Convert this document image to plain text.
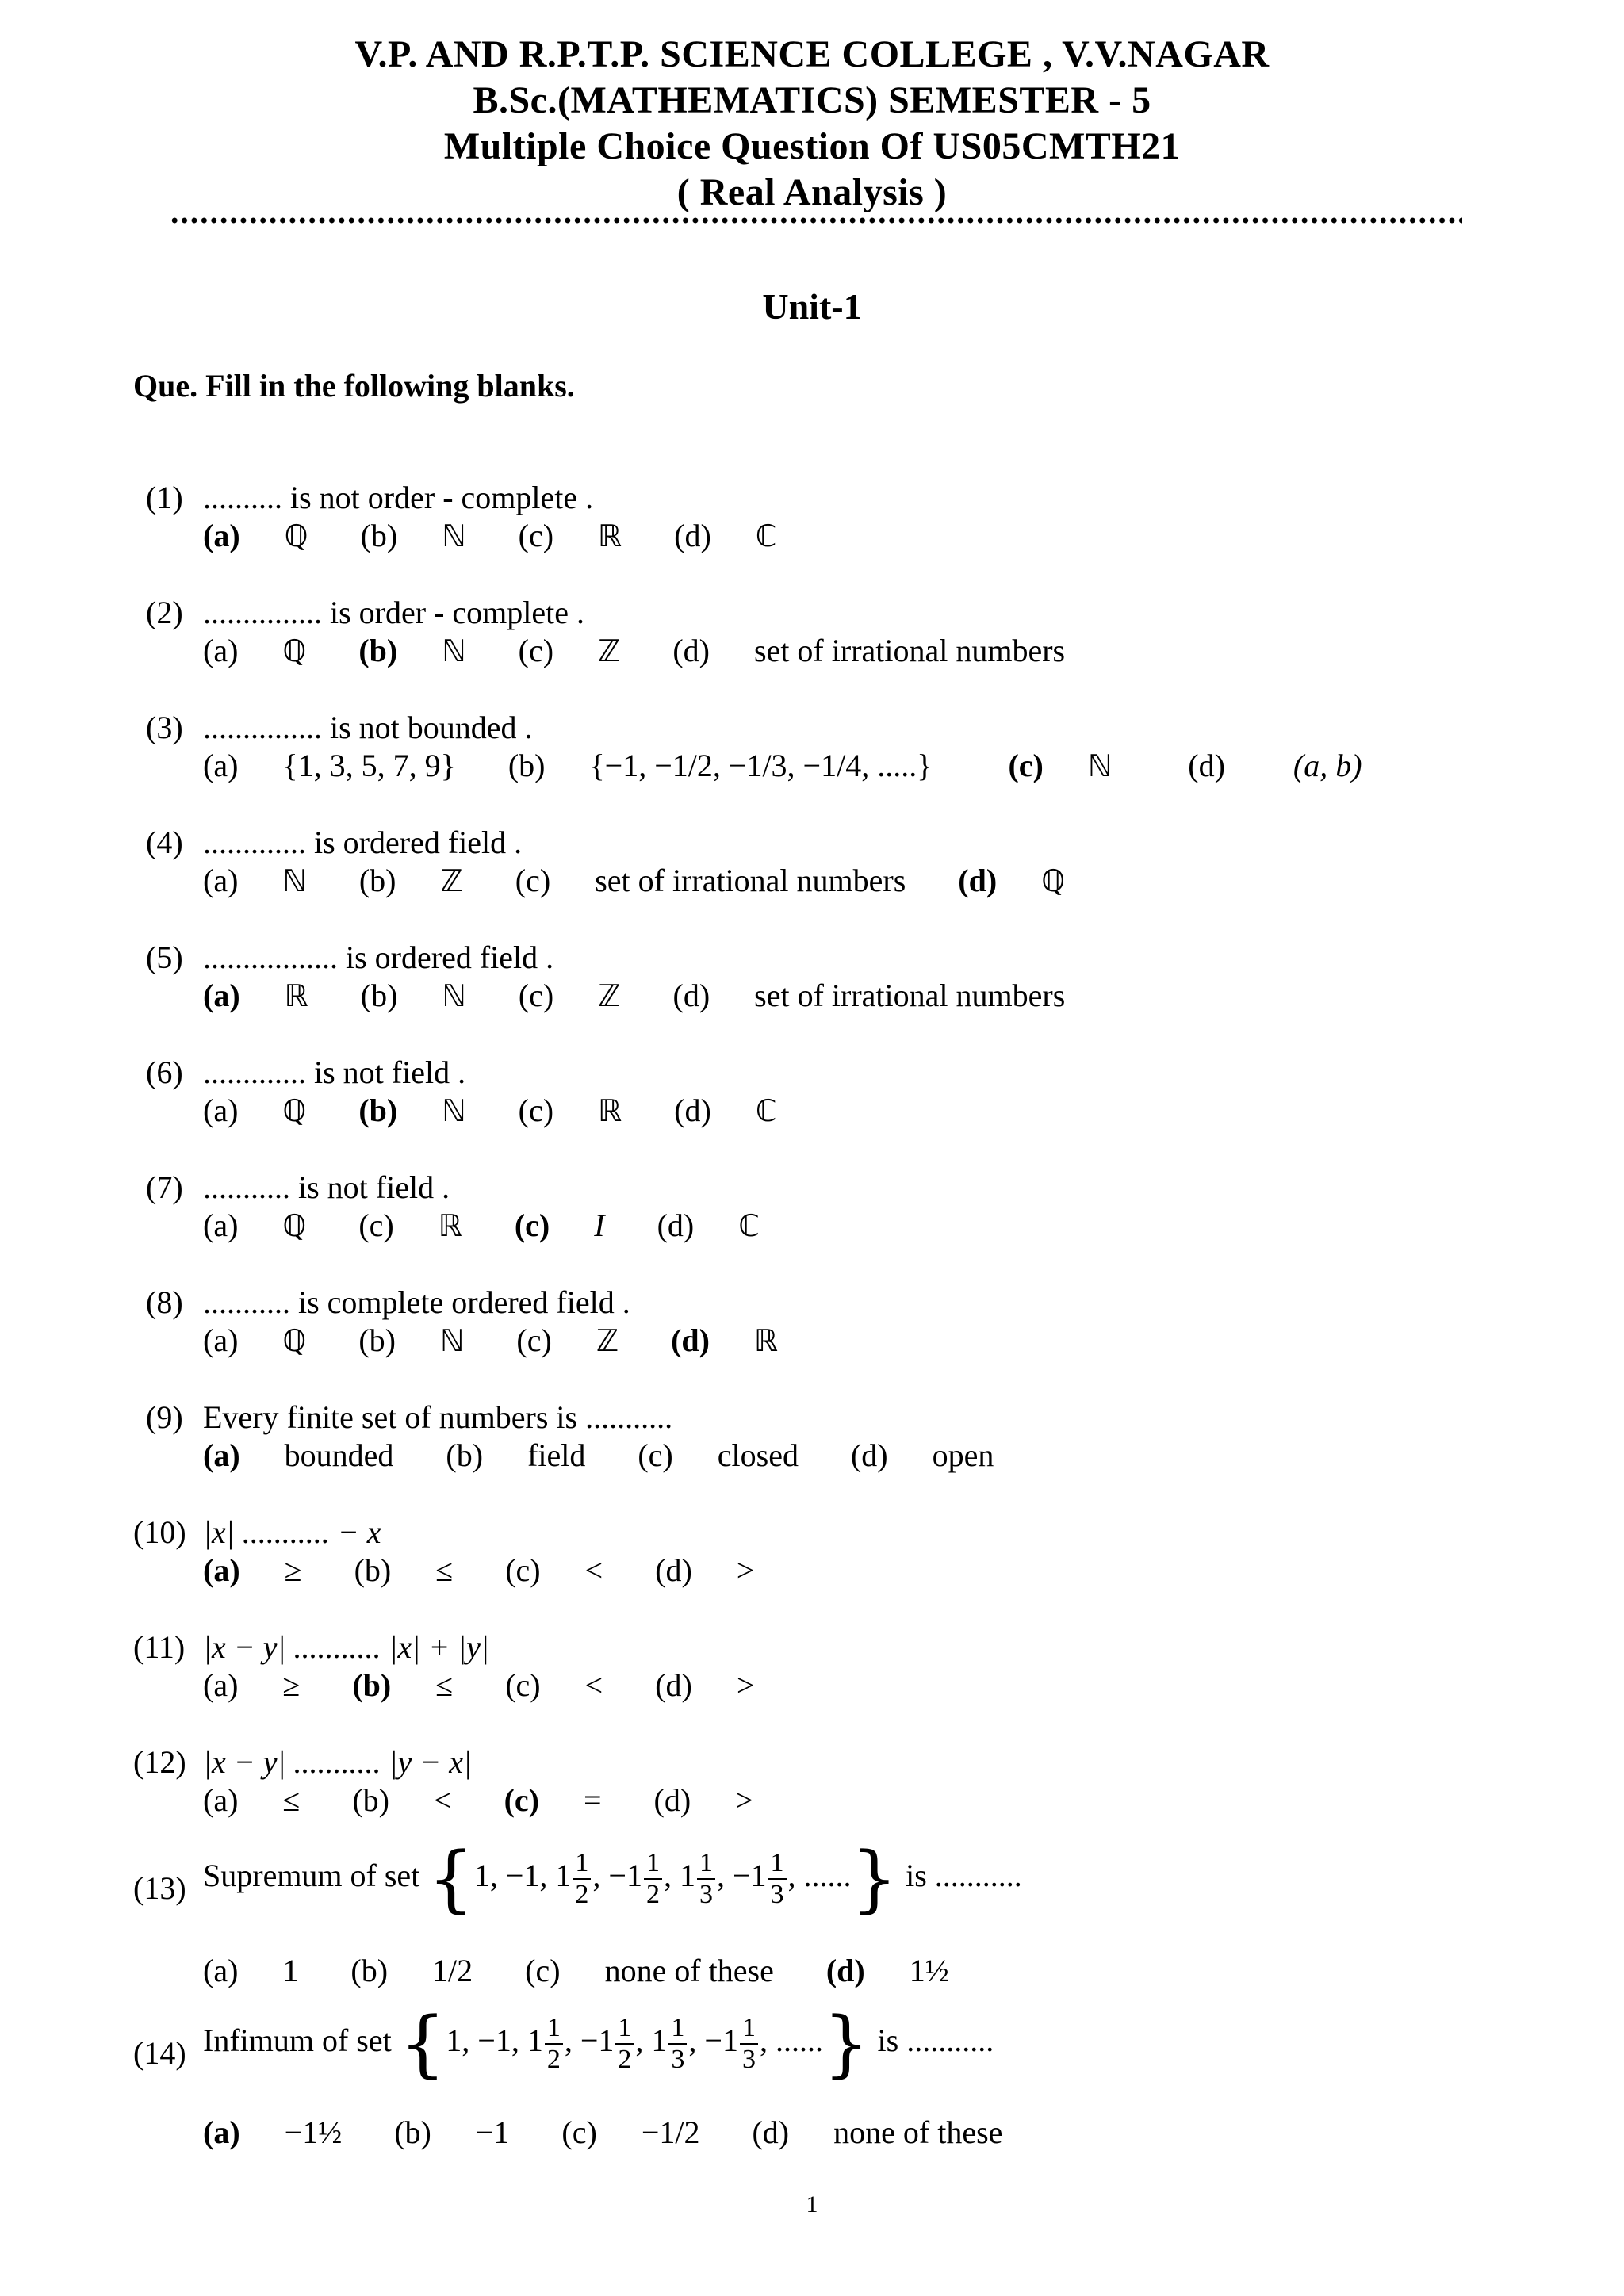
V.P. AND R.P.T.P. SCIENCE COLLEGE , V.V.NAGAR
B.Sc.(MATHEMATICS) SEMESTER - 5
Multiple Choice Question Of US05CMTH21
( Real Analysis )
Unit-1
Que. Fill in the following blanks.
(1) .......... is not order - complete .
(a) ℚ (b) ℕ (c) ℝ (d) ℂ
(2) ............... is order - complete .
(a) ℚ (b) ℕ (c) ℤ (d) set of irrational numbers
(3) ............... is not bounded .
(a) {1, 3, 5, 7, 9} (b) {−1, −1/2, −1/3, −1/4, .....} (c) ℕ (d) (a, b)
(4) ............. is ordered field .
(a) ℕ (b) ℤ (c) set of irrational numbers (d) ℚ
(5) ................. is ordered field .
(a) ℝ (b) ℕ (c) ℤ (d) set of irrational numbers
(6) ............. is not field .
(a) ℚ (b) ℕ (c) ℝ (d) ℂ
(7) ........... is not field .
(a) ℚ (c) ℝ (c) I (d) ℂ
(8) ........... is complete ordered field .
(a) ℚ (b) ℕ (c) ℤ (d) ℝ
(9) Every finite set of numbers is ...........
(a) bounded (b) field (c) closed (d) open
(10) |x| ........... − x
(a) ≥ (b) ≤ (c) < (d) >
(11) |x − y| ........... |x| + |y|
(a) ≥ (b) ≤ (c) < (d) >
(12) |x − y| ........... |y − x|
(a) ≤ (b) < (c) = (d) >
(13) Supremum of set {1, −1, $1 \frac{1}{2}$ , $-1 \frac{1}{2}$ , $1 \frac{1}{3}$ , $-1 \frac{1}{3}$ , ......} is ...........
(a) 1 (b) 1/2 (c) none of these (d) 1½
(14) Infimum of set {1, −1, $1 \frac{1}{2}$ , $-1 \frac{1}{2}$ , $1 \frac{1}{3}$ , $-1 \frac{1}{3}$ , ......} is ...........
(a) −1½ (b) −1 (c) −1/2 (d) none of these
1
